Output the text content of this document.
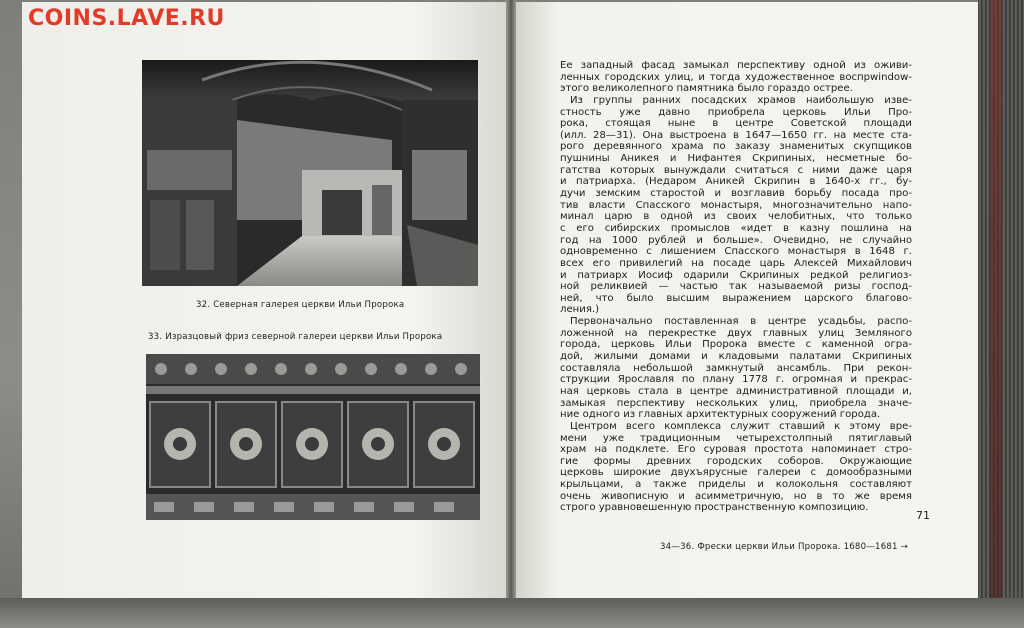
COINS.LAVE.RU
32. Северная галерея церкви Ильи Пророка
33. Изразцовый фриз северной галереи церкви Ильи Пророка
Ее западный фасад замыкал перспективу одной из оживи-
ленных городских улиц, и тогда художественное воспрwindow-
этого великолепного памятника было гораздо острее.
Из группы ранних посадских храмов наибольшую изве-
стность уже давно приобрела церковь Ильи Про-
рока, стоящая ныне в центре Советской площади
(илл. 28—31). Она выстроена в 1647—1650 гг. на месте ста-
рого деревянного храма по заказу знаменитых скупщиков
пушнины Аникея и Нифантея Скрипиных, несметные бо-
гатства которых вынуждали считаться с ними даже царя
и патриарха. (Недаром Аникей Скрипин в 1640-х гг., бу-
дучи земским старостой и возглавив борьбу посада про-
тив власти Спасского монастыря, многозначительно напо-
минал царю в одной из своих челобитных, что только
с его сибирских промыслов «идет в казну пошлина на
год на 1000 рублей и больше». Очевидно, не случайно
одновременно с лишением Спасского монастыря в 1648 г.
всех его привилегий на посаде царь Алексей Михайлович
и патриарх Иосиф одарили Скрипиных редкой религиоз-
ной реликвией — частью так называемой ризы господ-
ней, что было высшим выражением царского благово-
ления.)
Первоначально поставленная в центре усадьбы, распо-
ложенной на перекрестке двух главных улиц Земляного
города, церковь Ильи Пророка вместе с каменной огра-
дой, жилыми домами и кладовыми палатами Скрипиных
составляла небольшой замкнутый ансамбль. При рекон-
струкции Ярославля по плану 1778 г. огромная и прекрас-
ная церковь стала в центре административной площади и,
замыкая перспективу нескольких улиц, приобрела значе-
ние одного из главных архитектурных сооружений города.
Центром всего комплекса служит ставший к этому вре-
мени уже традиционным четырехстолпный пятиглавый
храм на подклете. Его суровая простота напоминает стро-
гие формы древних городских соборов. Окружающие
церковь широкие двухъярусные галереи с домообразными
крыльцами, а также приделы и колокольня составляют
очень живописную и асимметричную, но в то же время
строго уравновешенную пространственную композицию.
71
34—36. Фрески церкви Ильи Пророка. 1680—1681 →
